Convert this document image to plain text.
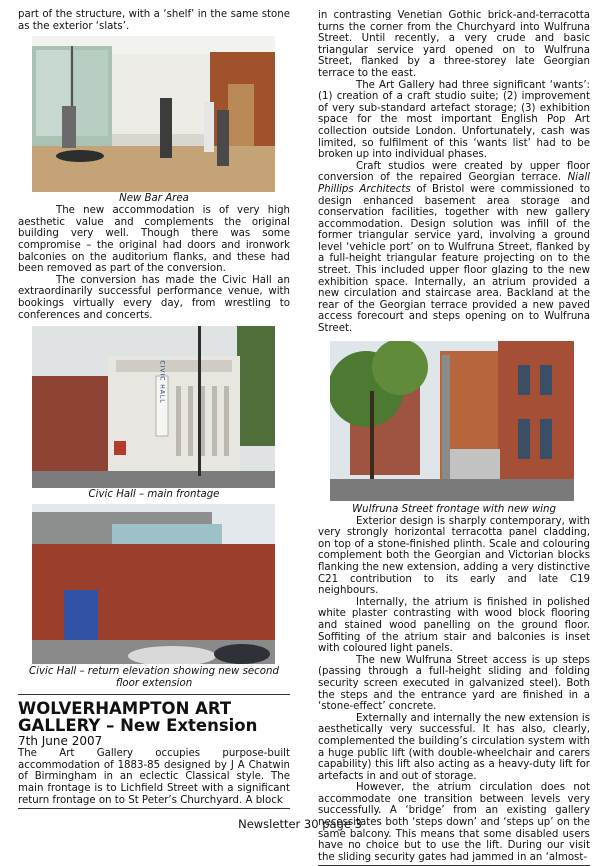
part of the structure, with a ‘shelf’ in the same stone as the exterior ‘slats’.

New Bar Area

The new accommodation is of very high aesthetic value and complements the original building very well. Though there was some compromise – the original had doors and ironwork balconies on the auditorium flanks, and these had been removed as part of the conversion.

The conversion has made the Civic Hall an extraordinarily successful performance venue, with bookings virtually every day, from wrestling to conferences and concerts.

CIVIC HALL

Civic Hall – main frontage

Civic Hall – return elevation showing new second floor extension

WOLVERHAMPTON ART GALLERY – New Extension

7th June 2007

The Art Gallery occupies purpose-built accommodation of 1883-85 designed by J A Chatwin of Birmingham in an eclectic Classical style. The main frontage is to Lichfield Street with a significant return frontage on to St Peter’s Churchyard. A block

in contrasting Venetian Gothic brick-and-terracotta turns the corner from the Churchyard into Wulfruna Street. Until recently, a very crude and basic triangular service yard opened on to Wulfruna Street, flanked by a three-storey late Georgian terrace to the east.

The Art Gallery had three significant ‘wants’: (1) creation of a craft studio suite; (2) improvement of very sub-standard artefact storage; (3) exhibition space for the most important English Pop Art collection outside London. Unfortunately, cash was limited, so fulfilment of this ‘wants list’ had to be broken up into individual phases.

Craft studios were created by upper floor conversion of the repaired Georgian terrace. Niall Phillips Architects of Bristol were commissioned to design enhanced basement area storage and conservation facilities, together with new gallery accommodation. Design solution was infill of the former triangular service yard, involving a ground level ‘vehicle port’ on to Wulfruna Street, flanked by a full-height triangular feature projecting on to the street. This included upper floor glazing to the new exhibition space. Internally, an atrium provided a new circulation and staircase area. Backland at the rear of the Georgian terrace provided a new paved access forecourt and steps opening on to Wulfruna Street.

Wulfruna Street frontage with new wing

Exterior design is sharply contemporary, with very strongly horizontal terracotta panel cladding, on top of a stone-finished plinth. Scale and colouring complement both the Georgian and Victorian blocks flanking the new extension, adding a very distinctive C21 contribution to its early and late C19 neighbours.

Internally, the atrium is finished in polished white plaster contrasting with wood block flooring and stained wood panelling on the ground floor. Soffiting of the atrium stair and balconies is inset with coloured light panels.

The new Wulfruna Street access is up steps (passing through a full-height sliding and folding security screen executed in galvanized steel). Both the steps and the entrance yard are finished in a ‘stone-effect’ concrete.

Externally and internally the new extension is aesthetically very successful. It has also, clearly, complemented the building’s circulation system with a huge public lift (with double-wheelchair and carers capability) this lift also acting as a heavy-duty lift for artefacts in and out of storage.

However, the atrium circulation does not accommodate one transition between levels very successfully. A ‘bridge’ from an existing gallery necessitates both ‘steps down’ and ‘steps up’ on the same balcony. This means that some disabled users have no choice but to use the lift. During our visit the sliding security gates had jammed in an ‘almost-

Newsletter 30 page 3
